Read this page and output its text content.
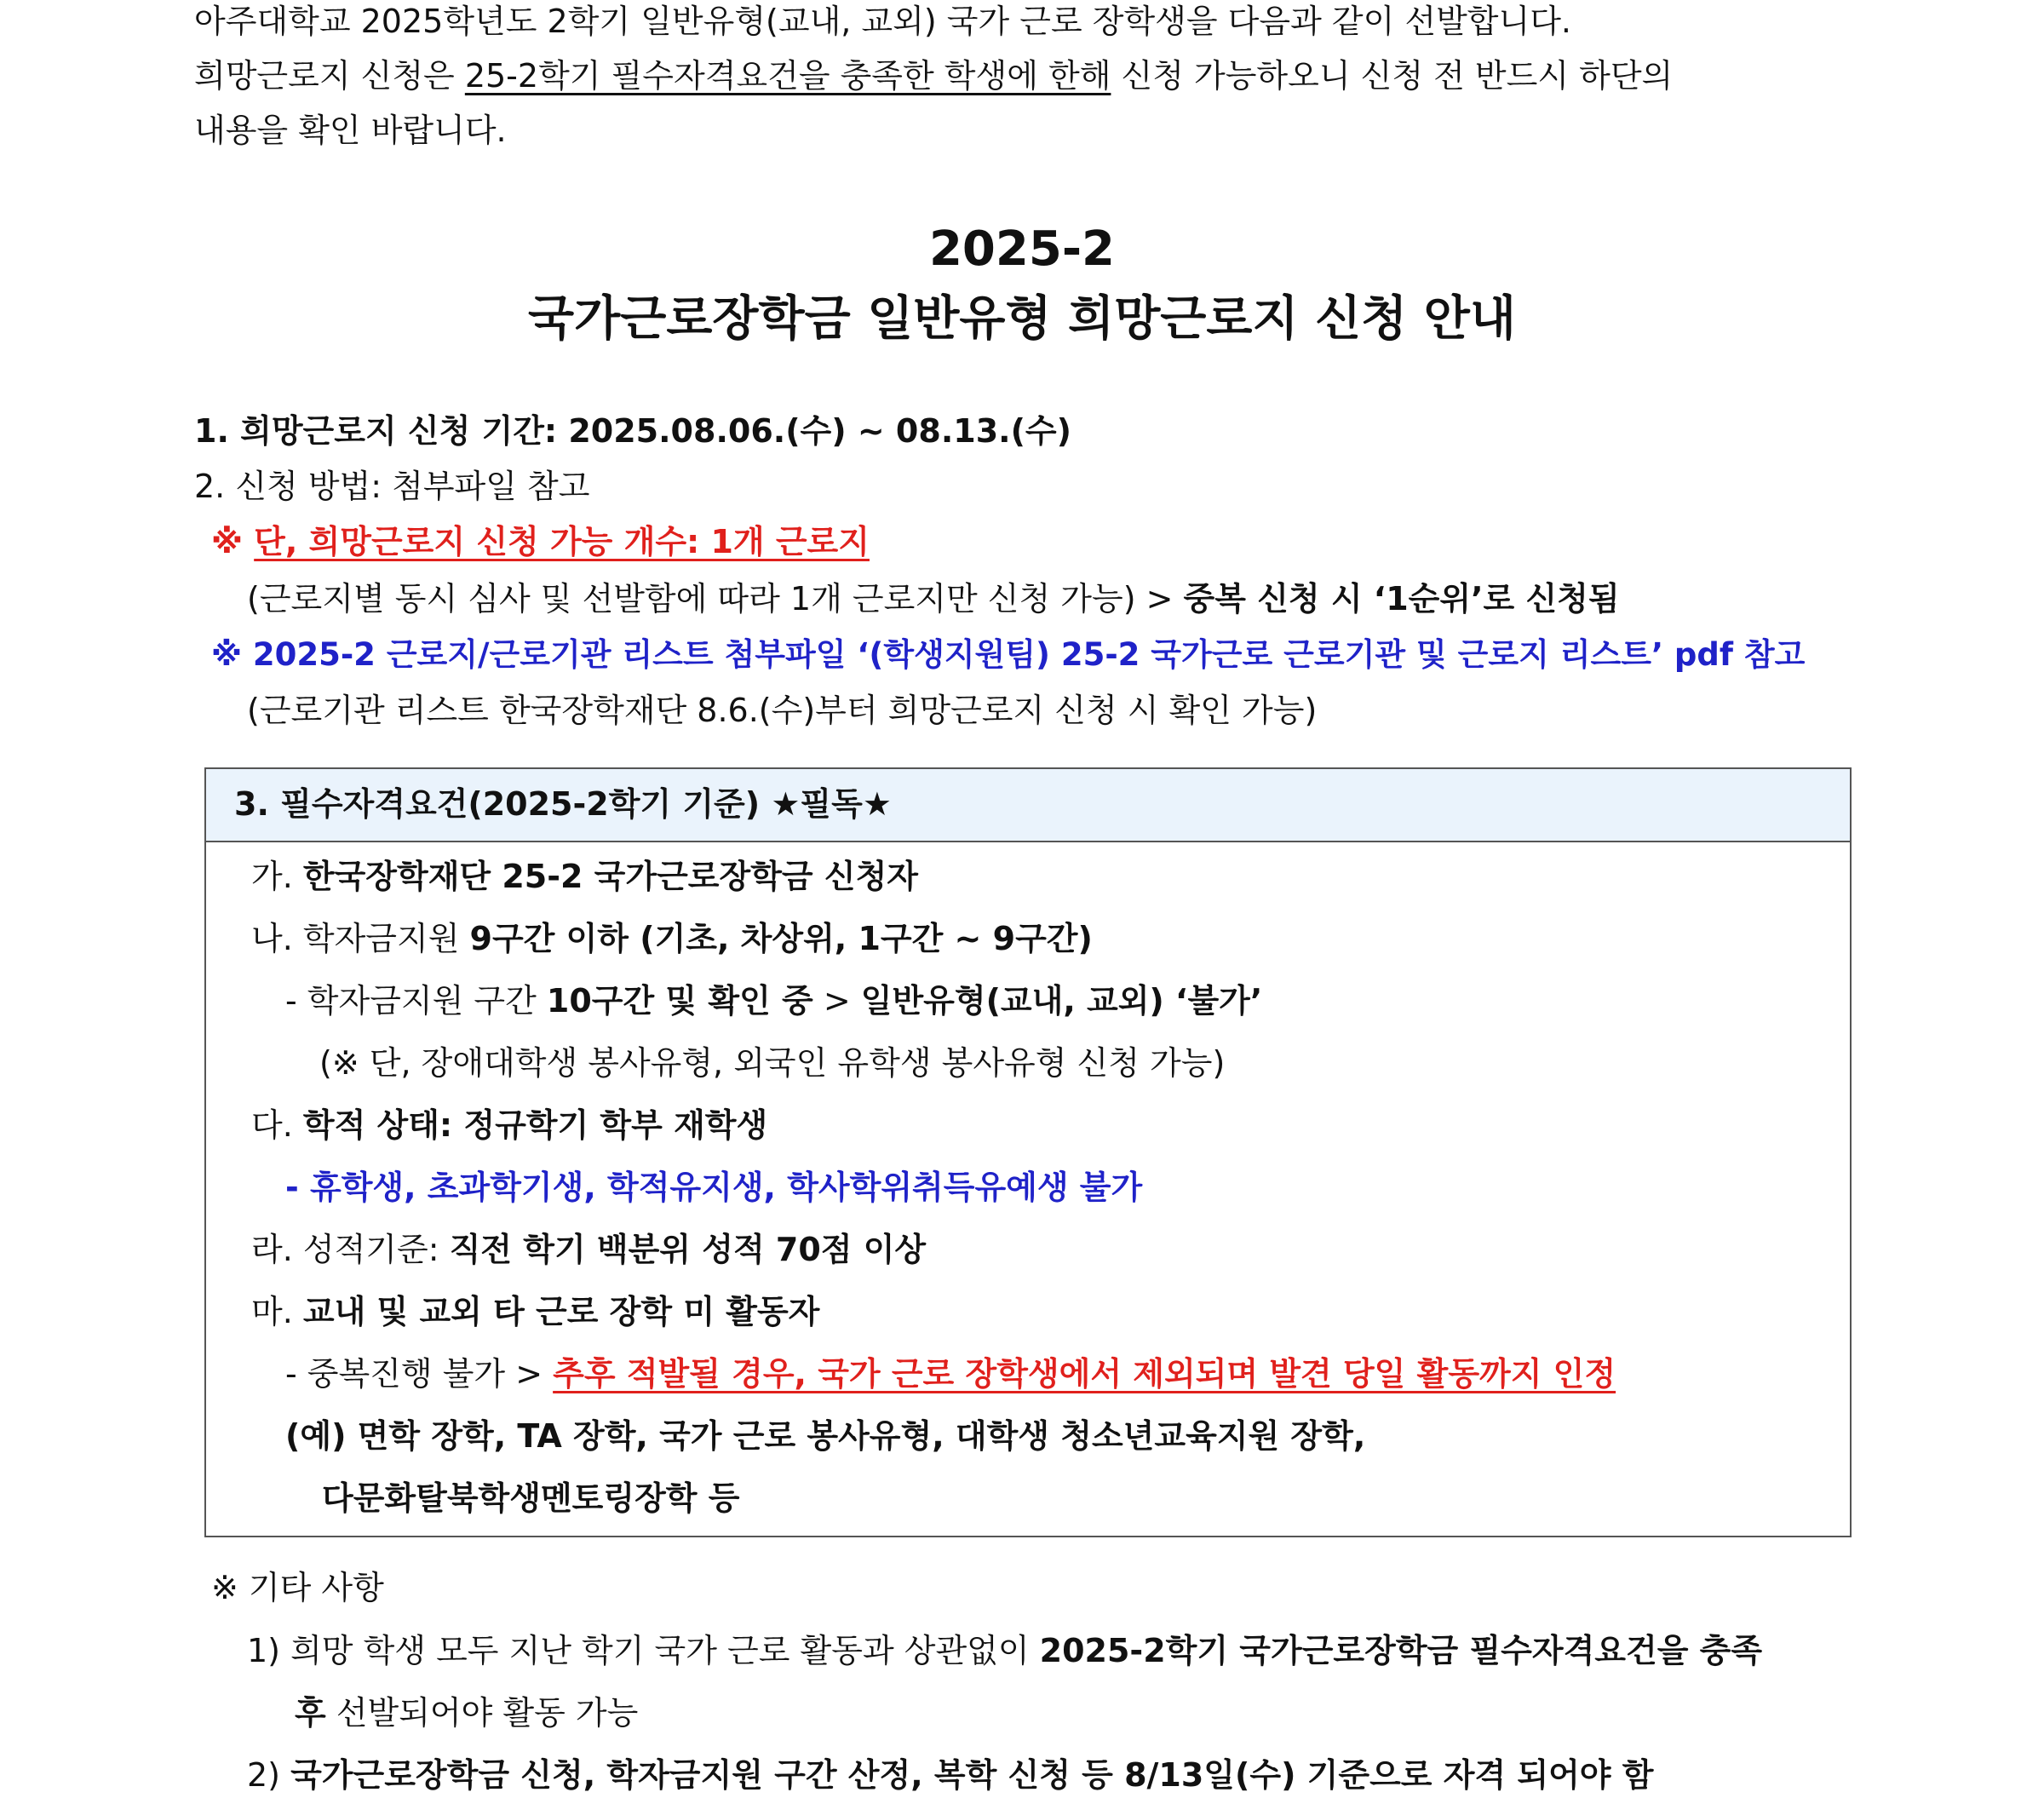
아주대학교 2025학년도 2학기 일반유형(교내, 교외) 국가 근로 장학생을 다음과 같이 선발합니다.
희망근로지 신청은 25-2학기 필수자격요건을 충족한 학생에 한해 신청 가능하오니 신청 전 반드시 하단의
내용을 확인 바랍니다.
2025-2
국가근로장학금 일반유형 희망근로지 신청 안내
1. 희망근로지 신청 기간: 2025.08.06.(수) ~ 08.13.(수)
2. 신청 방법: 첨부파일 참고
※ 단, 희망근로지 신청 가능 개수: 1개 근로지
(근로지별 동시 심사 및 선발함에 따라 1개 근로지만 신청 가능) > 중복 신청 시 ‘1순위’로 신청됨
※ 2025-2 근로지/근로기관 리스트 첨부파일 ‘(학생지원팀) 25-2 국가근로 근로기관 및 근로지 리스트’ pdf 참고
(근로기관 리스트 한국장학재단 8.6.(수)부터 희망근로지 신청 시 확인 가능)
3. 필수자격요건(2025-2학기 기준) ★필독★
가. 한국장학재단 25-2 국가근로장학금 신청자
나. 학자금지원 9구간 이하 (기초, 차상위, 1구간 ~ 9구간)
- 학자금지원 구간 10구간 및 확인 중 > 일반유형(교내, 교외) ‘불가’
(※ 단, 장애대학생 봉사유형, 외국인 유학생 봉사유형 신청 가능)
다. 학적 상태: 정규학기 학부 재학생
- 휴학생, 초과학기생, 학적유지생, 학사학위취득유예생 불가
라. 성적기준: 직전 학기 백분위 성적 70점 이상
마. 교내 및 교외 타 근로 장학 미 활동자
- 중복진행 불가 > 추후 적발될 경우, 국가 근로 장학생에서 제외되며 발견 당일 활동까지 인정
(예) 면학 장학, TA 장학, 국가 근로 봉사유형, 대학생 청소년교육지원 장학,
다문화탈북학생멘토링장학 등
※ 기타 사항
1) 희망 학생 모두 지난 학기 국가 근로 활동과 상관없이 2025-2학기 국가근로장학금 필수자격요건을 충족
후 선발되어야 활동 가능
2) 국가근로장학금 신청, 학자금지원 구간 산정, 복학 신청 등 8/13일(수) 기준으로 자격 되어야 함
